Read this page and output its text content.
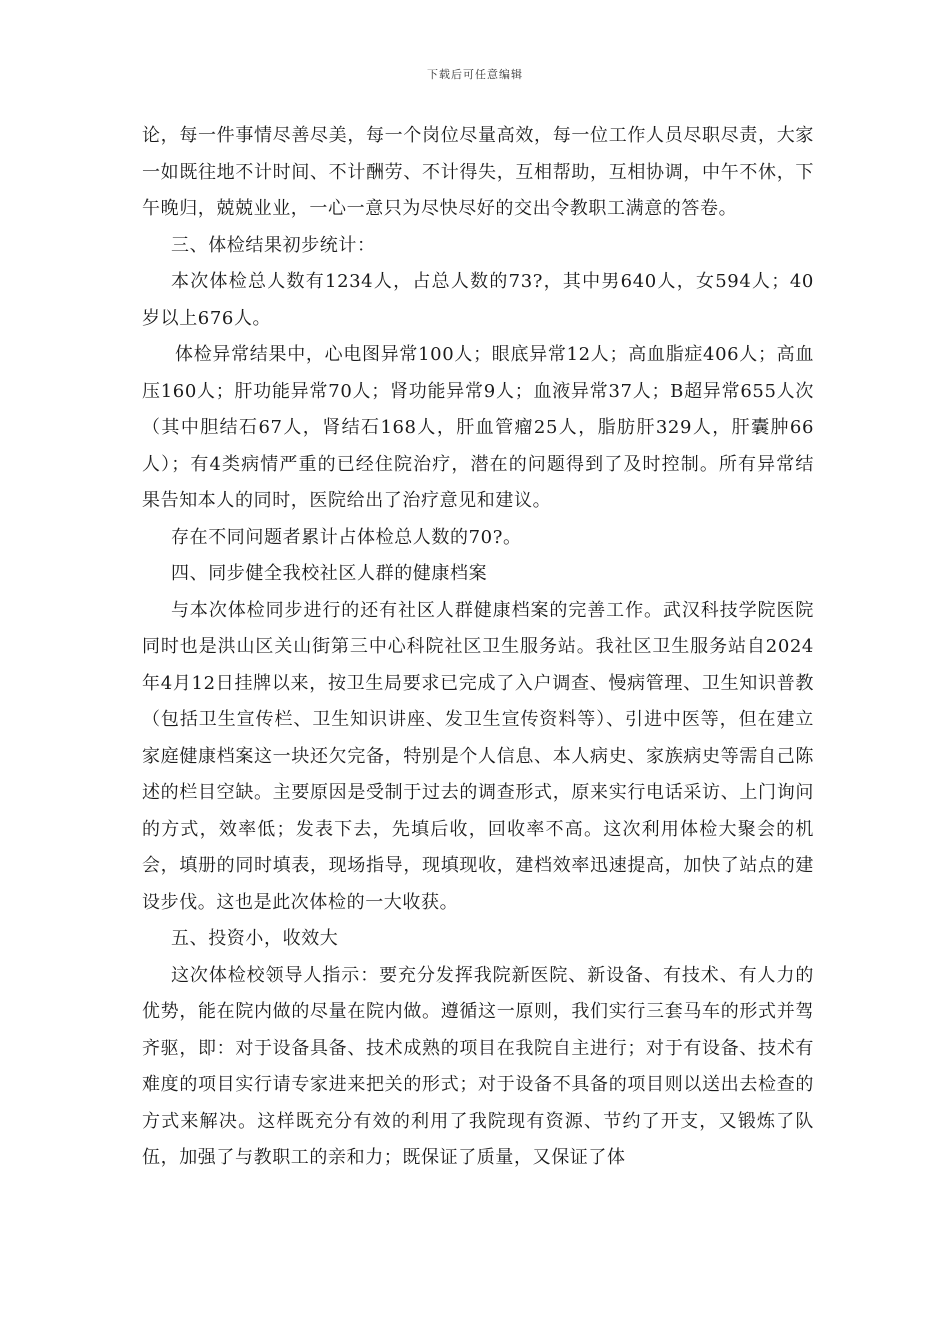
下载后可任意编辑

论，每一件事情尽善尽美，每一个岗位尽量高效，每一位工作人员尽职尽责，大家一如既往地不计时间、不计酬劳、不计得失，互相帮助，互相协调，中午不休，下午晚归，兢兢业业，一心一意只为尽快尽好的交出令教职工满意的答卷。

三、体检结果初步统计：

本次体检总人数有1234人，占总人数的73?，其中男640人，女594人；40岁以上676人。

体检异常结果中，心电图异常100人；眼底异常12人；高血脂症406人；高血压160人；肝功能异常70人；肾功能异常9人；血液异常37人；B超异常655人次（其中胆结石67人，肾结石168人，肝血管瘤25人，脂肪肝329人，肝囊肿66人）；有4类病情严重的已经住院治疗，潜在的问题得到了及时控制。所有异常结果告知本人的同时，医院给出了治疗意见和建议。

存在不同问题者累计占体检总人数的70?。

四、同步健全我校社区人群的健康档案

与本次体检同步进行的还有社区人群健康档案的完善工作。武汉科技学院医院同时也是洪山区关山街第三中心科院社区卫生服务站。我社区卫生服务站自2024年4月12日挂牌以来，按卫生局要求已完成了入户调查、慢病管理、卫生知识普教（包括卫生宣传栏、卫生知识讲座、发卫生宣传资料等）、引进中医等，但在建立家庭健康档案这一块还欠完备，特别是个人信息、本人病史、家族病史等需自己陈述的栏目空缺。主要原因是受制于过去的调查形式，原来实行电话采访、上门询问的方式，效率低；发表下去，先填后收，回收率不高。这次利用体检大聚会的机会，填册的同时填表，现场指导，现填现收，建档效率迅速提高，加快了站点的建设步伐。这也是此次体检的一大收获。

五、投资小，收效大

这次体检校领导人指示：要充分发挥我院新医院、新设备、有技术、有人力的优势，能在院内做的尽量在院内做。遵循这一原则，我们实行三套马车的形式并驾齐驱，即：对于设备具备、技术成熟的项目在我院自主进行；对于有设备、技术有难度的项目实行请专家进来把关的形式；对于设备不具备的项目则以送出去检查的方式来解决。这样既充分有效的利用了我院现有资源、节约了开支，又锻炼了队伍，加强了与教职工的亲和力；既保证了质量，又保证了体
